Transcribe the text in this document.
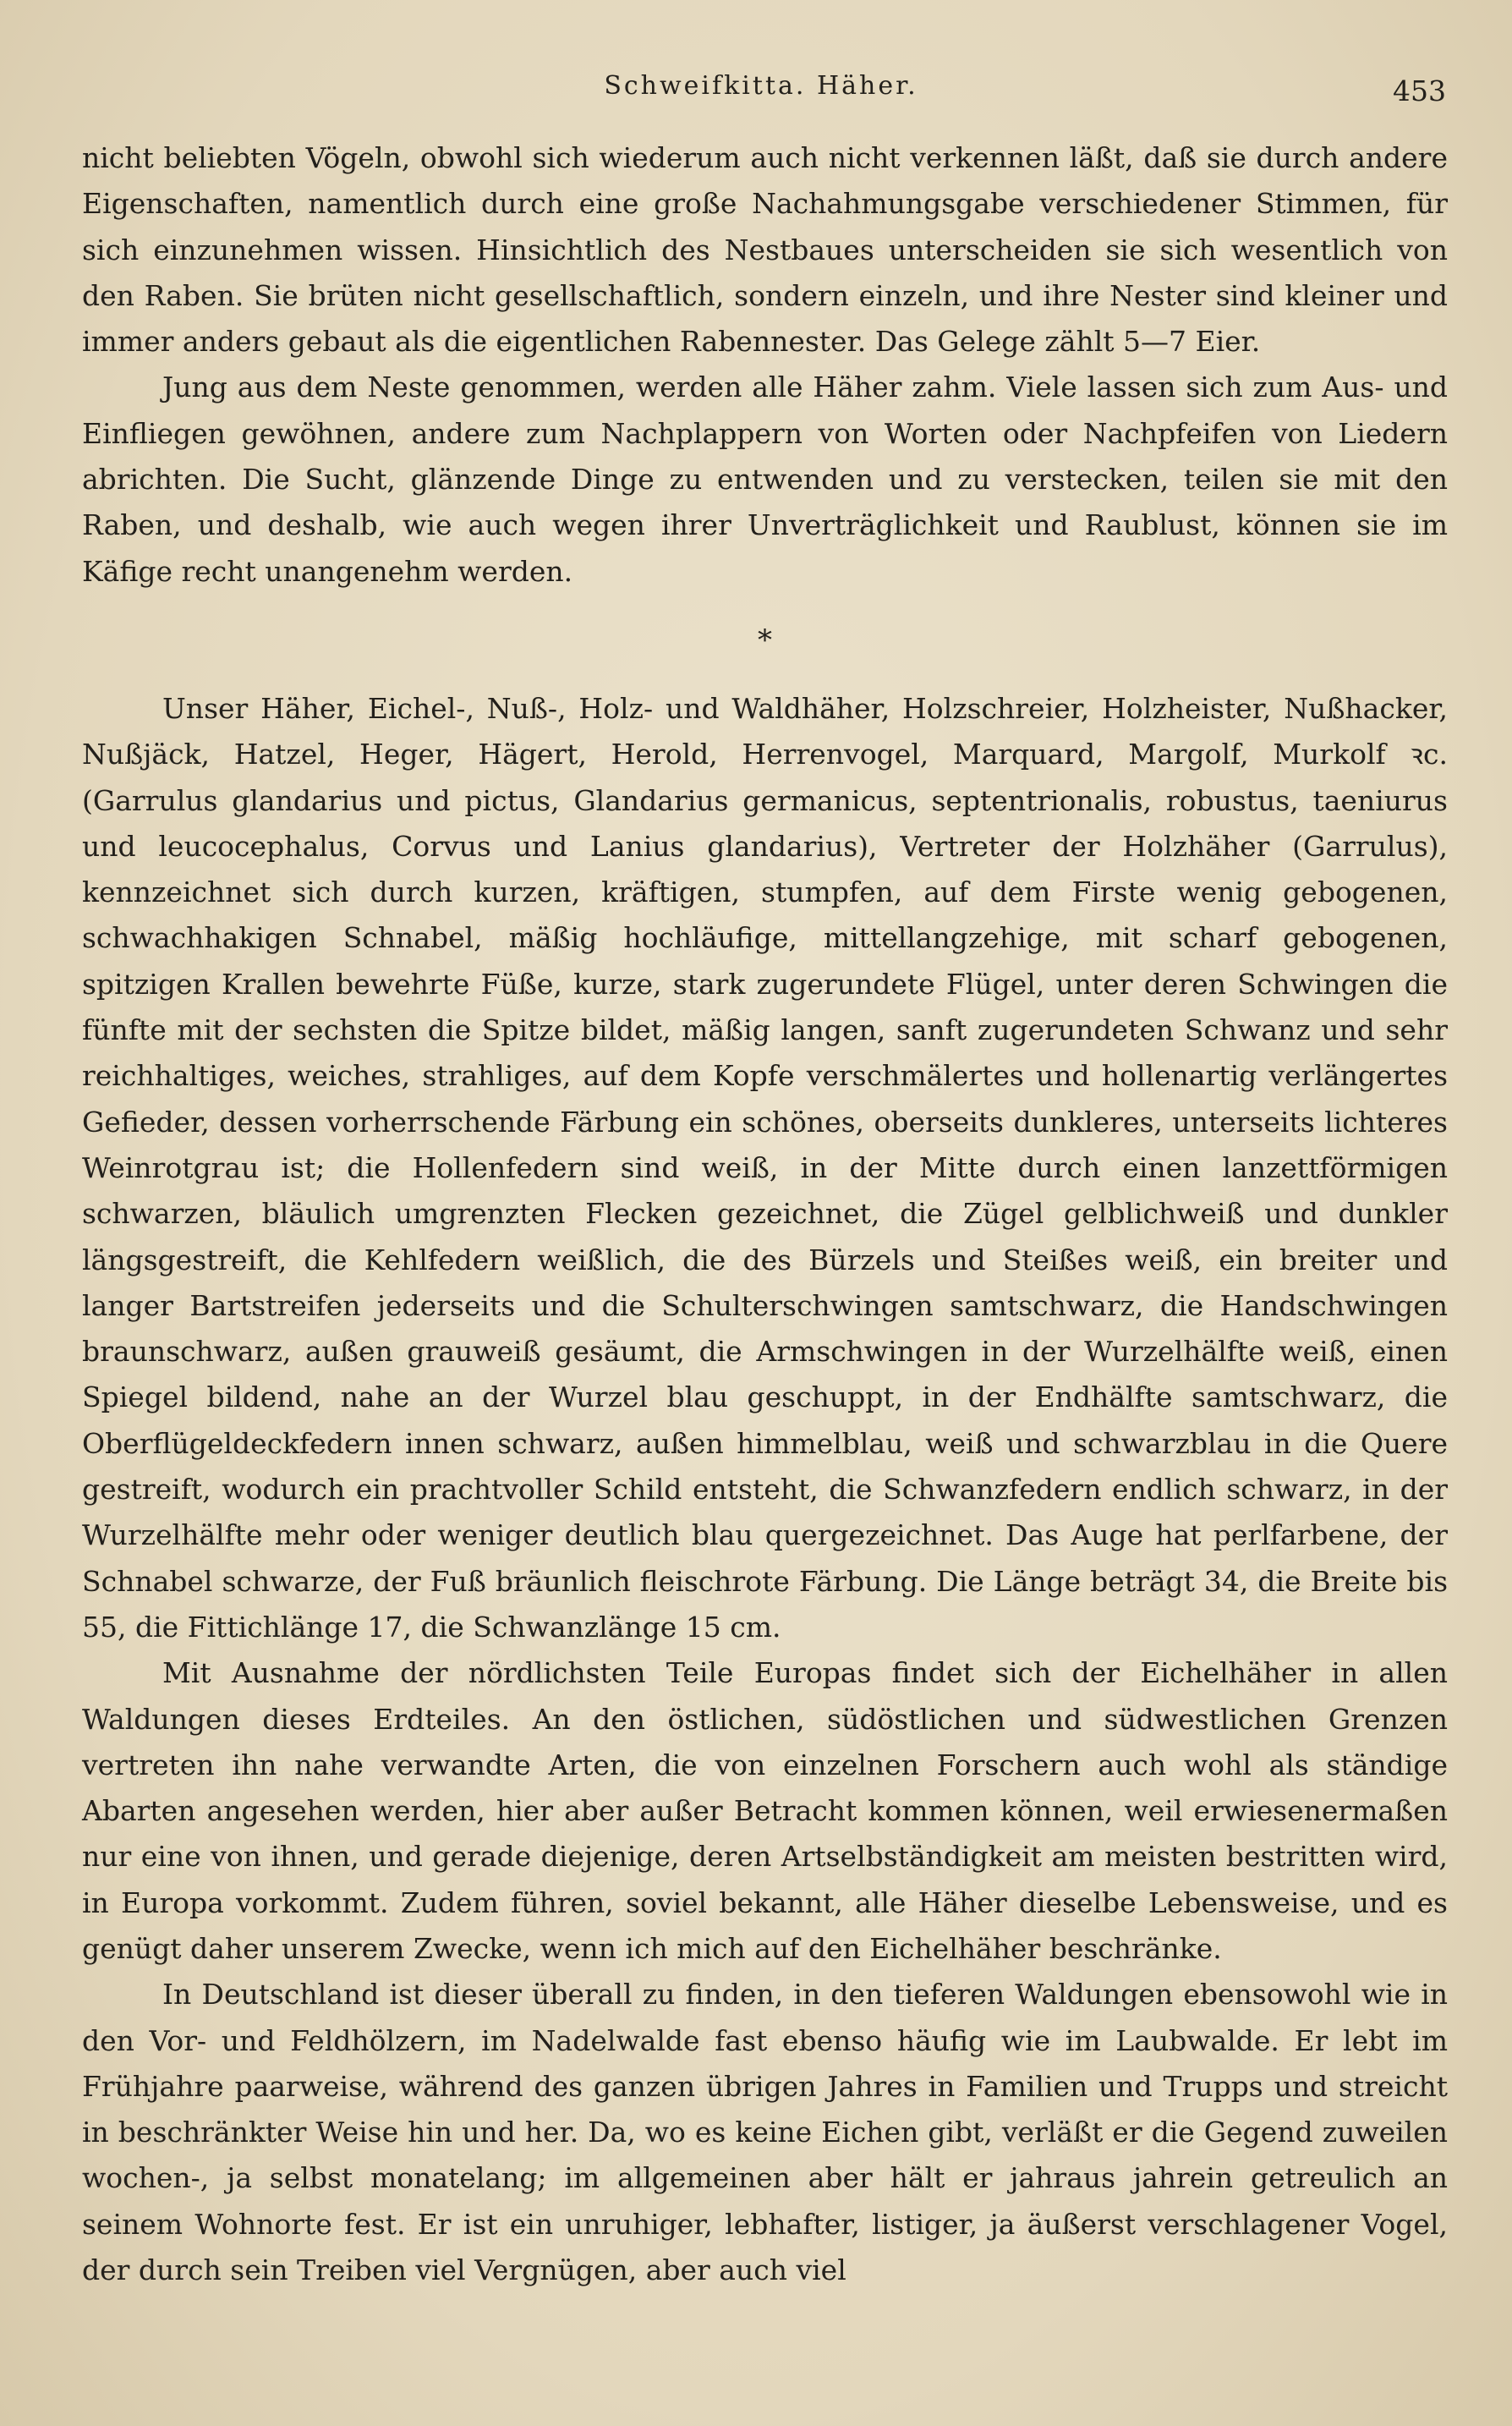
Schweifkitta. Häher.	453

nicht beliebten Vögeln, obwohl sich wiederum auch nicht verkennen läßt, daß sie durch andere Eigenschaften, namentlich durch eine große Nachahmungsgabe verschiedener Stimmen, für sich einzunehmen wissen. Hinsichtlich des Nestbaues unterscheiden sie sich wesentlich von den Raben. Sie brüten nicht gesellschaftlich, sondern einzeln, und ihre Nester sind kleiner und immer anders gebaut als die eigentlichen Rabennester. Das Gelege zählt 5—7 Eier.

Jung aus dem Neste genommen, werden alle Häher zahm. Viele lassen sich zum Aus- und Einfliegen gewöhnen, andere zum Nachplappern von Worten oder Nachpfeifen von Liedern abrichten. Die Sucht, glänzende Dinge zu entwenden und zu verstecken, teilen sie mit den Raben, und deshalb, wie auch wegen ihrer Unverträglichkeit und Raublust, können sie im Käfige recht unangenehm werden.

*

Unser Häher, Eichel-, Nuß-, Holz- und Waldhäher, Holzschreier, Holzheister, Nußhacker, Nußjäck, Hatzel, Heger, Hägert, Herold, Herrenvogel, Marquard, Margolf, Murkolf ꝛc. (Garrulus glandarius und pictus, Glandarius germanicus, septentrionalis, robustus, taeniurus und leucocephalus, Corvus und Lanius glandarius), Vertreter der Holzhäher (Garrulus), kennzeichnet sich durch kurzen, kräftigen, stumpfen, auf dem Firste wenig gebogenen, schwachhakigen Schnabel, mäßig hochläufige, mittellangzehige, mit scharf gebogenen, spitzigen Krallen bewehrte Füße, kurze, stark zugerundete Flügel, unter deren Schwingen die fünfte mit der sechsten die Spitze bildet, mäßig langen, sanft zugerundeten Schwanz und sehr reichhaltiges, weiches, strahliges, auf dem Kopfe verschmälertes und hollenartig verlängertes Gefieder, dessen vorherrschende Färbung ein schönes, oberseits dunkleres, unterseits lichteres Weinrotgrau ist; die Hollenfedern sind weiß, in der Mitte durch einen lanzettförmigen schwarzen, bläulich umgrenzten Flecken gezeichnet, die Zügel gelblichweiß und dunkler längsgestreift, die Kehlfedern weißlich, die des Bürzels und Steißes weiß, ein breiter und langer Bartstreifen jederseits und die Schulterschwingen samtschwarz, die Handschwingen braunschwarz, außen grauweiß gesäumt, die Armschwingen in der Wurzelhälfte weiß, einen Spiegel bildend, nahe an der Wurzel blau geschuppt, in der Endhälfte samtschwarz, die Oberflügeldeckfedern innen schwarz, außen himmelblau, weiß und schwarzblau in die Quere gestreift, wodurch ein prachtvoller Schild entsteht, die Schwanzfedern endlich schwarz, in der Wurzelhälfte mehr oder weniger deutlich blau quergezeichnet. Das Auge hat perlfarbene, der Schnabel schwarze, der Fuß bräunlich fleischrote Färbung. Die Länge beträgt 34, die Breite bis 55, die Fittichlänge 17, die Schwanzlänge 15 cm.

Mit Ausnahme der nördlichsten Teile Europas findet sich der Eichelhäher in allen Waldungen dieses Erdteiles. An den östlichen, südöstlichen und südwestlichen Grenzen vertreten ihn nahe verwandte Arten, die von einzelnen Forschern auch wohl als ständige Abarten angesehen werden, hier aber außer Betracht kommen können, weil erwiesenermaßen nur eine von ihnen, und gerade diejenige, deren Artselbständigkeit am meisten bestritten wird, in Europa vorkommt. Zudem führen, soviel bekannt, alle Häher dieselbe Lebensweise, und es genügt daher unserem Zwecke, wenn ich mich auf den Eichelhäher beschränke.

In Deutschland ist dieser überall zu finden, in den tieferen Waldungen ebensowohl wie in den Vor- und Feldhölzern, im Nadelwalde fast ebenso häufig wie im Laubwalde. Er lebt im Frühjahre paarweise, während des ganzen übrigen Jahres in Familien und Trupps und streicht in beschränkter Weise hin und her. Da, wo es keine Eichen gibt, verläßt er die Gegend zuweilen wochen-, ja selbst monatelang; im allgemeinen aber hält er jahraus jahrein getreulich an seinem Wohnorte fest. Er ist ein unruhiger, lebhafter, listiger, ja äußerst verschlagener Vogel, der durch sein Treiben viel Vergnügen, aber auch viel
